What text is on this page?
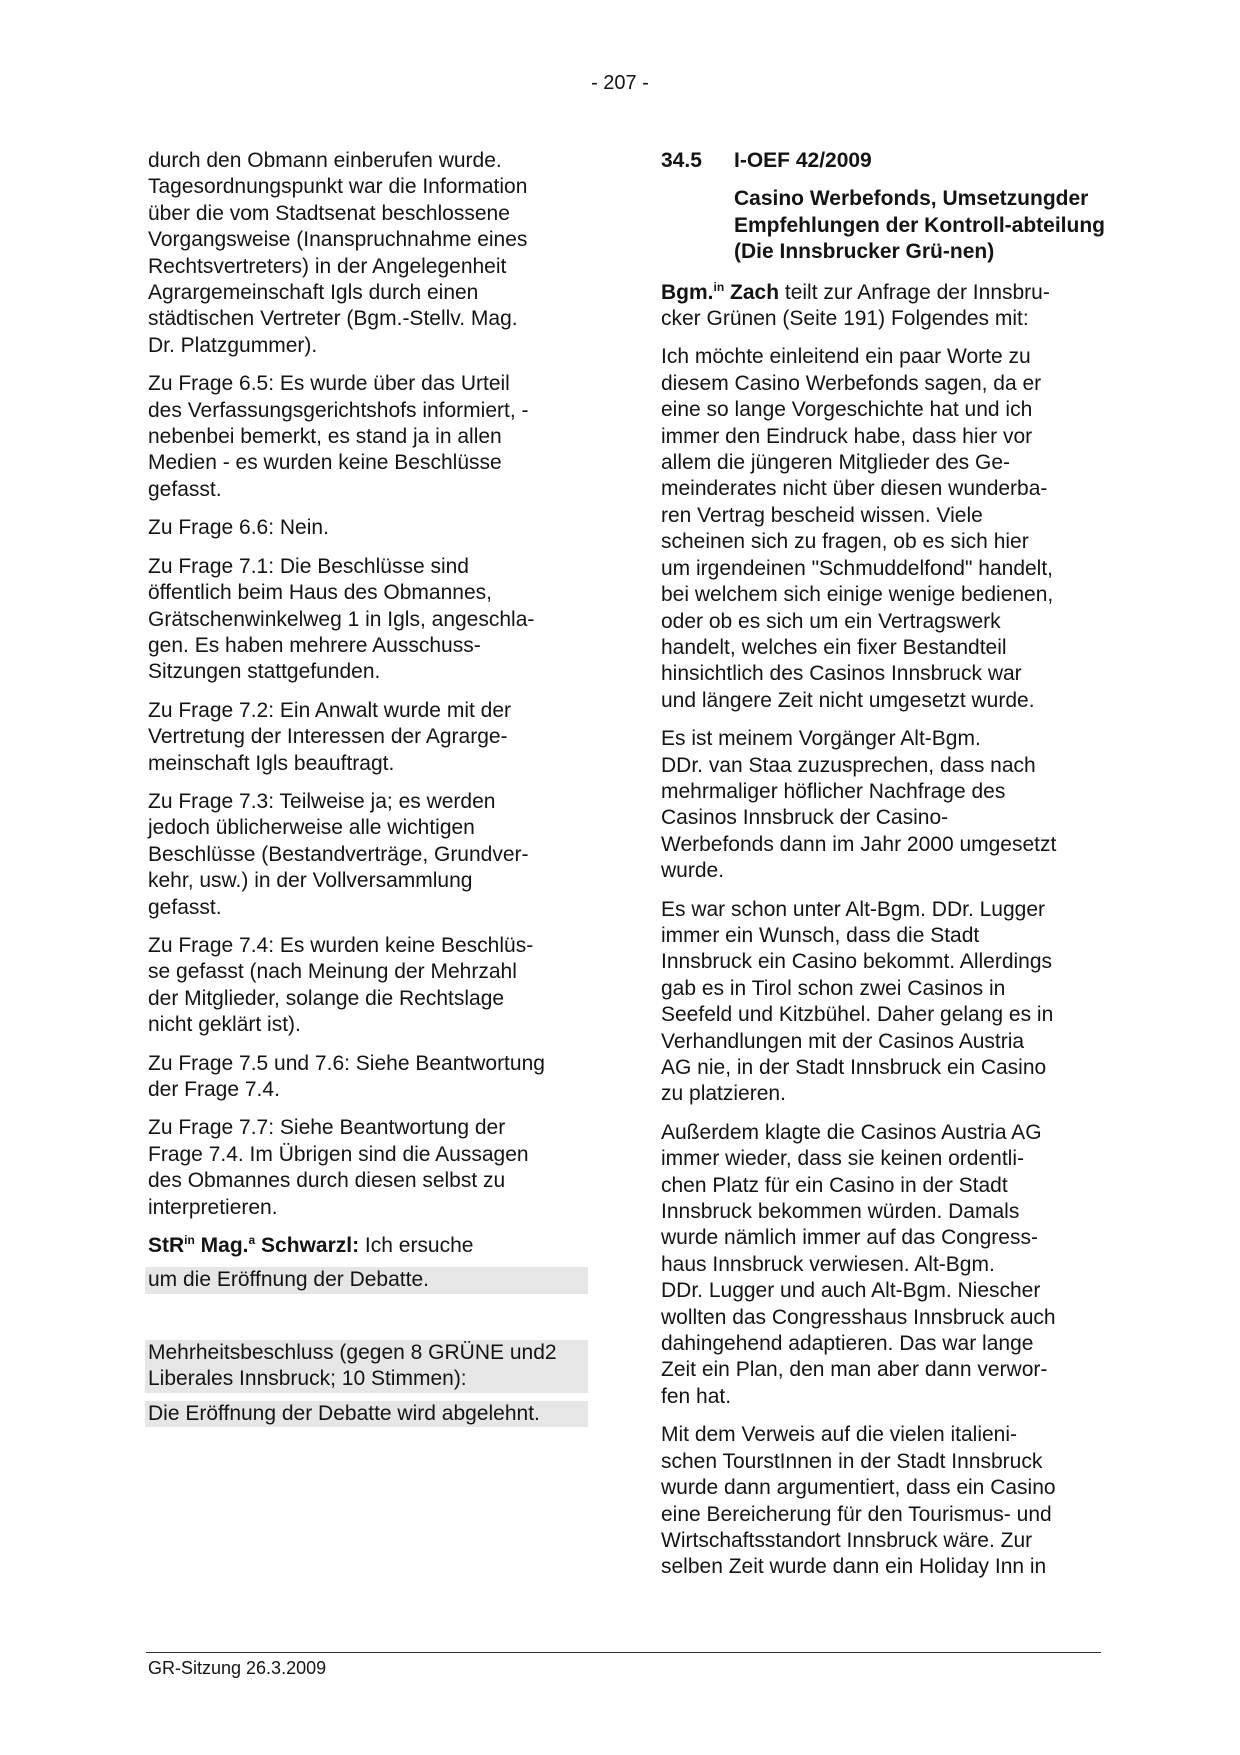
- 207 -
durch den Obmann einberufen wurde.
Tagesordnungspunkt war die Information
über die vom Stadtsenat beschlossene
Vorgangsweise (Inanspruchnahme eines
Rechtsvertreters) in der Angelegenheit
Agrargemeinschaft Igls durch einen
städtischen Vertreter (Bgm.-Stellv. Mag.
Dr. Platzgummer).
Zu Frage 6.5: Es wurde über das Urteil
des Verfassungsgerichtshofs informiert, -
nebenbei bemerkt, es stand ja in allen
Medien - es wurden keine Beschlüsse
gefasst.
Zu Frage 6.6: Nein.
Zu Frage 7.1: Die Beschlüsse sind
öffentlich beim Haus des Obmannes,
Grätschenwinkelweg 1 in Igls, angeschla-
gen. Es haben mehrere Ausschuss-
Sitzungen stattgefunden.
Zu Frage 7.2: Ein Anwalt wurde mit der
Vertretung der Interessen der Agrarge-
meinschaft Igls beauftragt.
Zu Frage 7.3: Teilweise ja; es werden
jedoch üblicherweise alle wichtigen
Beschlüsse (Bestandverträge, Grundver-
kehr, usw.) in der Vollversammlung
gefasst.
Zu Frage 7.4: Es wurden keine Beschlüs-
se gefasst (nach Meinung der Mehrzahl
der Mitglieder, solange die Rechtslage
nicht geklärt ist).
Zu Frage 7.5 und 7.6: Siehe Beantwortung
der Frage 7.4.
Zu Frage 7.7: Siehe Beantwortung der
Frage 7.4. Im Übrigen sind die Aussagen
des Obmannes durch diesen selbst zu
interpretieren.
StR$^{in}$ Mag.$^a$ Schwarzl: Ich ersuche
um die Eröffnung der Debatte.
Mehrheitsbeschluss (gegen 8 GRÜNE und2 Liberales Innsbruck; 10 Stimmen):
Die Eröffnung der Debatte wird abgelehnt.
34.5	I-OEF 42/2009
Casino Werbefonds, Umsetzungder Empfehlungen der Kontroll-abteilung (Die Innsbrucker Grü-nen)
Bgm.$^{in}$ Zach teilt zur Anfrage der Innsbru-
cker Grünen (Seite 191) Folgendes mit:
Ich möchte einleitend ein paar Worte zu
diesem Casino Werbefonds sagen, da er
eine so lange Vorgeschichte hat und ich
immer den Eindruck habe, dass hier vor
allem die jüngeren Mitglieder des Ge-
meinderates nicht über diesen wunderba-
ren Vertrag bescheid wissen. Viele
scheinen sich zu fragen, ob es sich hier
um irgendeinen "Schmuddelfond" handelt,
bei welchem sich einige wenige bedienen,
oder ob es sich um ein Vertragswerk
handelt, welches ein fixer Bestandteil
hinsichtlich des Casinos Innsbruck war
und längere Zeit nicht umgesetzt wurde.
Es ist meinem Vorgänger Alt-Bgm.
DDr. van Staa zuzusprechen, dass nach
mehrmaliger höflicher Nachfrage des
Casinos Innsbruck der Casino-
Werbefonds dann im Jahr 2000 umgesetzt
wurde.
Es war schon unter Alt-Bgm. DDr. Lugger
immer ein Wunsch, dass die Stadt
Innsbruck ein Casino bekommt. Allerdings
gab es in Tirol schon zwei Casinos in
Seefeld und Kitzbühel. Daher gelang es in
Verhandlungen mit der Casinos Austria
AG nie, in der Stadt Innsbruck ein Casino
zu platzieren.
Außerdem klagte die Casinos Austria AG
immer wieder, dass sie keinen ordentli-
chen Platz für ein Casino in der Stadt
Innsbruck bekommen würden. Damals
wurde nämlich immer auf das Congress-
haus Innsbruck verwiesen. Alt-Bgm.
DDr. Lugger und auch Alt-Bgm. Niescher
wollten das Congresshaus Innsbruck auch
dahingehend adaptieren. Das war lange
Zeit ein Plan, den man aber dann verwor-
fen hat.
Mit dem Verweis auf die vielen italieni-
schen TourstInnen in der Stadt Innsbruck
wurde dann argumentiert, dass ein Casino
eine Bereicherung für den Tourismus- und
Wirtschaftsstandort Innsbruck wäre. Zur
selben Zeit wurde dann ein Holiday Inn in
GR-Sitzung 26.3.2009
